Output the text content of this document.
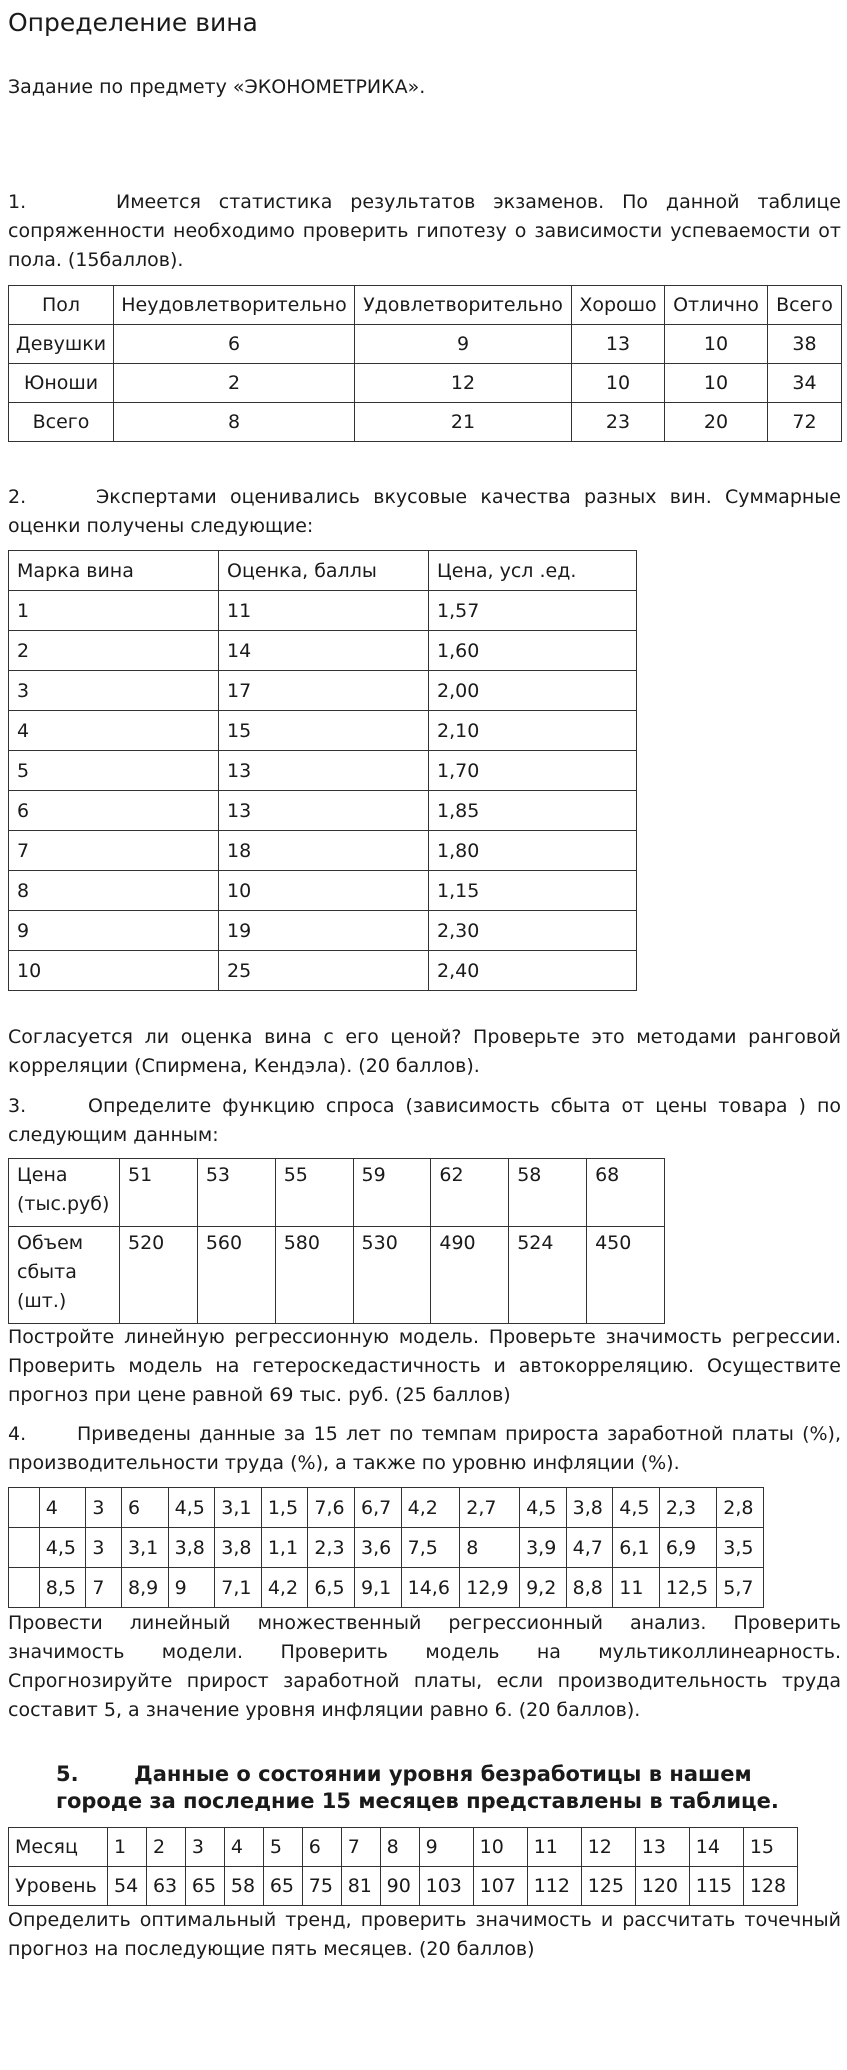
Определение вина
Задание по предмету «ЭКОНОМЕТРИКА».
1.	Имеется статистика результатов экзаменов. По данной таблице сопряженности необходимо проверить гипотезу о зависимости успеваемости от пола. (15баллов).
Пол	Неудовлетворительно	Удовлетворительно	Хорошо	Отлично	Всего
Девушки	6	9	13	10	38
Юноши	2	12	10	10	34
Всего	8	21	23	20	72
2.	Экспертами оценивались вкусовые качества разных вин. Суммарные оценки получены следующие:
Марка вина	Оценка, баллы	Цена, усл .ед.
1	11	1,57
2	14	1,60
3	17	2,00
4	15	2,10
5	13	1,70
6	13	1,85
7	18	1,80
8	10	1,15
9	19	2,30
10	25	2,40
Согласуется ли оценка вина с его ценой? Проверьте это методами ранговой корреляции (Спирмена, Кендэла). (20 баллов).
3.	Определите функцию спроса (зависимость сбыта от цены товара ) по следующим данным:
Цена (тыс.руб)	51	53	55	59	62	58	68
Объем сбыта (шт.)	520	560	580	530	490	524	450
Постройте линейную регрессионную модель. Проверьте значимость регрессии. Проверить модель на гетероскедастичность и автокорреляцию. Осуществите прогноз при цене равной 69 тыс. руб. (25 баллов)
4.	Приведены данные за 15 лет по темпам прироста заработной платы (%), производительности труда (%), а также по уровню инфляции (%).
	4	3	6	4,5	3,1	1,5	7,6	6,7	4,2	2,7	4,5	3,8	4,5	2,3	2,8
	4,5	3	3,1	3,8	3,8	1,1	2,3	3,6	7,5	8	3,9	4,7	6,1	6,9	3,5
	8,5	7	8,9	9	7,1	4,2	6,5	9,1	14,6	12,9	9,2	8,8	11	12,5	5,7
Провести линейный множественный регрессионный анализ. Проверить значимость модели. Проверить модель на мультиколлинеарность. Спрогнозируйте прирост заработной платы, если производительность труда составит 5, а значение уровня инфляции равно 6. (20 баллов).
5.	Данные о состоянии уровня безработицы в нашем городе за последние 15 месяцев представлены в таблице.
Месяц	1	2	3	4	5	6	7	8	9	10	11	12	13	14	15
Уровень	54	63	65	58	65	75	81	90	103	107	112	125	120	115	128
Определить оптимальный тренд, проверить значимость и рассчитать точечный прогноз на последующие пять месяцев. (20 баллов)
